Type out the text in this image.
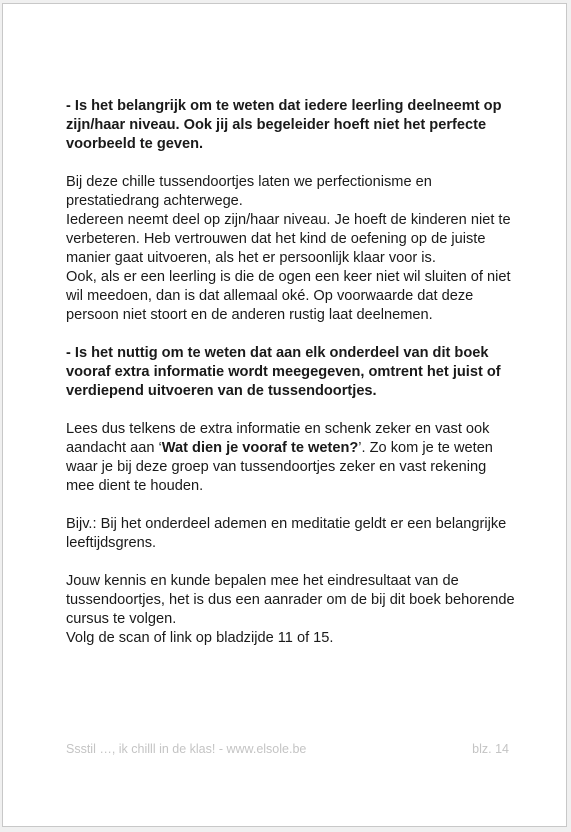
- Is het belangrijk om te weten dat iedere leerling deelneemt op zijn/haar niveau. Ook jij als begeleider hoeft niet het perfecte voorbeeld te geven.

Bij deze chille tussendoortjes laten we perfectionisme en prestatiedrang achterwege.
Iedereen neemt deel op zijn/haar niveau. Je hoeft de kinderen niet te verbeteren. Heb vertrouwen dat het kind de oefening op de juiste manier gaat uitvoeren, als het er persoonlijk klaar voor is.
Ook, als er een leerling is die de ogen een keer niet wil sluiten of niet wil meedoen, dan is dat allemaal oké. Op voorwaarde dat deze persoon niet stoort en de anderen rustig laat deelnemen.

- Is het nuttig om te weten dat aan elk onderdeel van dit boek vooraf extra informatie wordt meegegeven, omtrent het juist of verdiepend uitvoeren van de tussendoortjes.

Lees dus telkens de extra informatie en schenk zeker en vast ook aandacht aan ‘Wat dien je vooraf te weten?’. Zo kom je te weten waar je bij deze groep van tussendoortjes zeker en vast rekening mee dient te houden.

Bijv.: Bij het onderdeel ademen en meditatie geldt er een belangrijke leeftijdsgrens.

Jouw kennis en kunde bepalen mee het eindresultaat van de tussendoortjes, het is dus een aanrader om de bij dit boek behorende cursus te volgen.
Volg de scan of link op bladzijde 11 of 15.

Ssstil …, ik chilll in de klas! - www.elsole.be	blz. 14
